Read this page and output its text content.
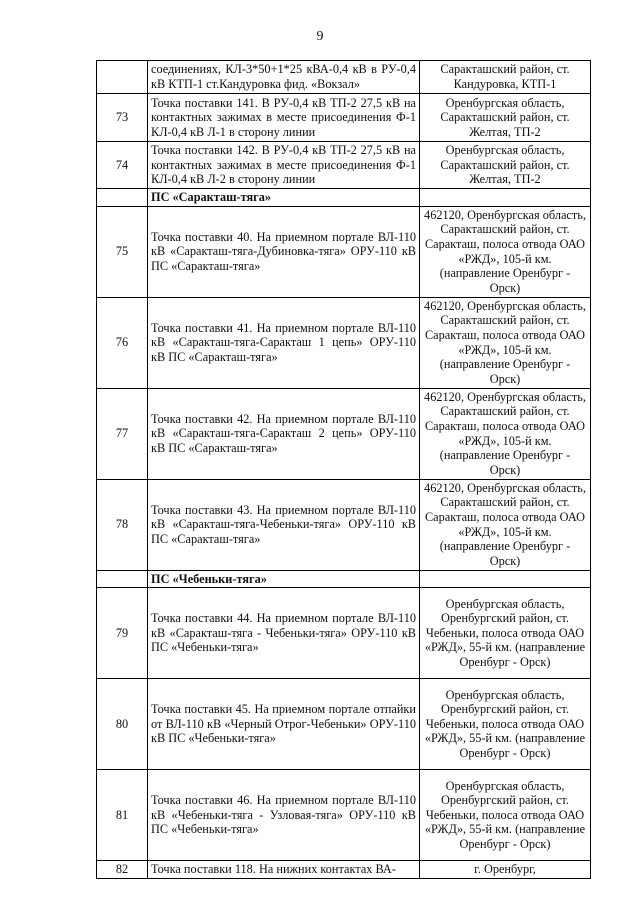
9
	соединениях, КЛ-3*50+1*25 кВА-0,4 кВ в РУ-0,4 кВ КТП-1 ст.Кандуровка фид. «Вокзал»	Саракташский район, ст. Кандуровка, КТП-1
73	Точка поставки 141. В РУ-0,4 кВ ТП-2 27,5 кВ на контактных зажимах в месте присоединения Ф-1 КЛ-0,4 кВ Л-1 в сторону линии	Оренбургская область, Саракташский район, ст. Желтая, ТП-2
74	Точка поставки 142. В РУ-0,4 кВ ТП-2 27,5 кВ на контактных зажимах в месте присоединения Ф-1 КЛ-0,4 кВ Л-2 в сторону линии	Оренбургская область, Саракташский район, ст. Желтая, ТП-2
	ПС «Саракташ-тяга»	
75	Точка поставки 40. На приемном портале ВЛ-110 кВ «Саракташ-тяга-Дубиновка-тяга» ОРУ-110 кВ ПС «Саракташ-тяга»	462120, Оренбургская область, Саракташский район, ст. Саракташ, полоса отвода ОАО «РЖД», 105-й км. (направление Оренбург - Орск)
76	Точка поставки 41. На приемном портале ВЛ-110 кВ «Саракташ-тяга-Саракташ 1 цепь» ОРУ-110 кВ ПС «Саракташ-тяга»	462120, Оренбургская область, Саракташский район, ст. Саракташ, полоса отвода ОАО «РЖД», 105-й км. (направление Оренбург - Орск)
77	Точка поставки 42. На приемном портале ВЛ-110 кВ «Саракташ-тяга-Саракташ 2 цепь» ОРУ-110 кВ ПС «Саракташ-тяга»	462120, Оренбургская область, Саракташский район, ст. Саракташ, полоса отвода ОАО «РЖД», 105-й км. (направление Оренбург - Орск)
78	Точка поставки 43. На приемном портале ВЛ-110 кВ «Саракташ-тяга-Чебеньки-тяга» ОРУ-110 кВ ПС «Саракташ-тяга»	462120, Оренбургская область, Саракташский район, ст. Саракташ, полоса отвода ОАО «РЖД», 105-й км. (направление Оренбург - Орск)
	ПС «Чебеньки-тяга»	
79	Точка поставки 44. На приемном портале ВЛ-110 кВ «Саракташ-тяга - Чебеньки-тяга» ОРУ-110 кВ ПС «Чебеньки-тяга»	Оренбургская область, Оренбургский район, ст. Чебеньки, полоса отвода ОАО «РЖД», 55-й км. (направление Оренбург - Орск)
80	Точка поставки 45. На приемном портале отпайки от ВЛ-110 кВ «Черный Отрог-Чебеньки» ОРУ-110 кВ ПС «Чебеньки-тяга»	Оренбургская область, Оренбургский район, ст. Чебеньки, полоса отвода ОАО «РЖД», 55-й км. (направление Оренбург - Орск)
81	Точка поставки 46. На приемном портале ВЛ-110 кВ «Чебеньки-тяга - Узловая-тяга» ОРУ-110 кВ ПС «Чебеньки-тяга»	Оренбургская область, Оренбургский район, ст. Чебеньки, полоса отвода ОАО «РЖД», 55-й км. (направление Оренбург - Орск)
82	Точка поставки 118. На нижних контактах ВА-	г. Оренбург,
